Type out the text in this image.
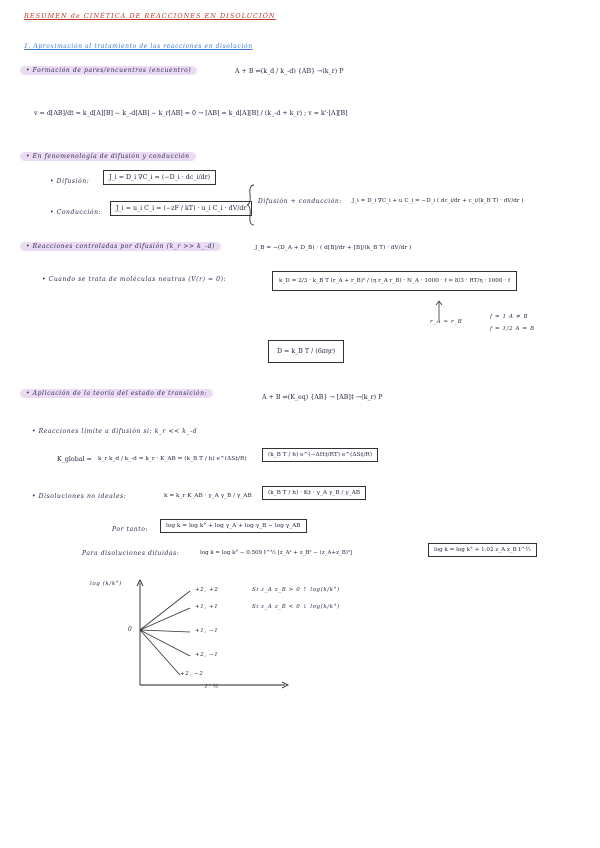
RESUMEN de CINÉTICA DE REACCIONES EN DISOLUCIÓN
1. Aproximación al tratamiento de las reacciones en disolución
• Formación de pares/encuentros (encuentro)	A + B ⇌(k_d / k_-d) {AB} →(k_r) P
v = d[AB]/dt = k_d[A][B] − k_-d[AB] − k_r[AB] = 0 → [AB] = k_d[A][B] / (k_-d + k_r) ; v = k'·[A][B]
• En fenomenología de difusión y conducción
• Difusión:
J_i = D_i ∇C_i = (−D_i · dc_i/dr)
• Conducción:
J_i = u_i C_i = (−zF / kT) · u_i C_i · dV/dr
Difusión + conducción: J_i = D_i ∇C_i + u C_i = −D_i ( dc_i/dr + c_i/(k_B T) · dV/dr )
• Reacciones controladas por difusión (k_r >> k_-d)	J_B = −(D_A + D_B) · ( d[B]/dr + [B]/(k_B T) · dV/dr )
• Cuando se trata de moléculas neutras (V(r) = 0):	k_D = 2/3 · k_B T (r_A + r_B)² / (η r_A r_B) · N_A · 1000 · f ≈ 8/3 · RT/η · 1000 · f
r_A ≈ r_B
f = 1 A ≠ B
f = 1/2 A = B
D = k_B T / (6πηr)
• Aplicación de la teoría del estado de transición:
A + B ⇌(K_eq) {AB} → [AB]‡ →(k_r) P
• Reacciones límite a difusión si: k_r << k_-d
K_global = k_r k_d / k_-d = k_r · K_AB = (k_B T / h) e^(ΔS‡/R)
(k_B T / h) e^(−ΔH‡/RT) e^(ΔS‡/R)
• Disoluciones no ideales:	k = k_r K_AB · γ_A γ_B / γ_AB	(k_B T / h) · K‡ · γ_A γ_B / γ_AB
Por tanto:	log k = log k° + log γ_A + log γ_B − log γ_AB
Para disoluciones diluidas:	log k = log k° − 0.509 I^½ [z_A² + z_B² − (z_A+z_B)²]	log k = log k° + 1.02 z_A z_B I^½
log (k/k°)
0
I^½
+2, +2
+1, +1
+1, −1
+2, −1
+2, −2
Si z_A z_B > 0 ↑ log(k/k°)
Si z_A z_B < 0 ↓ log(k/k°)
